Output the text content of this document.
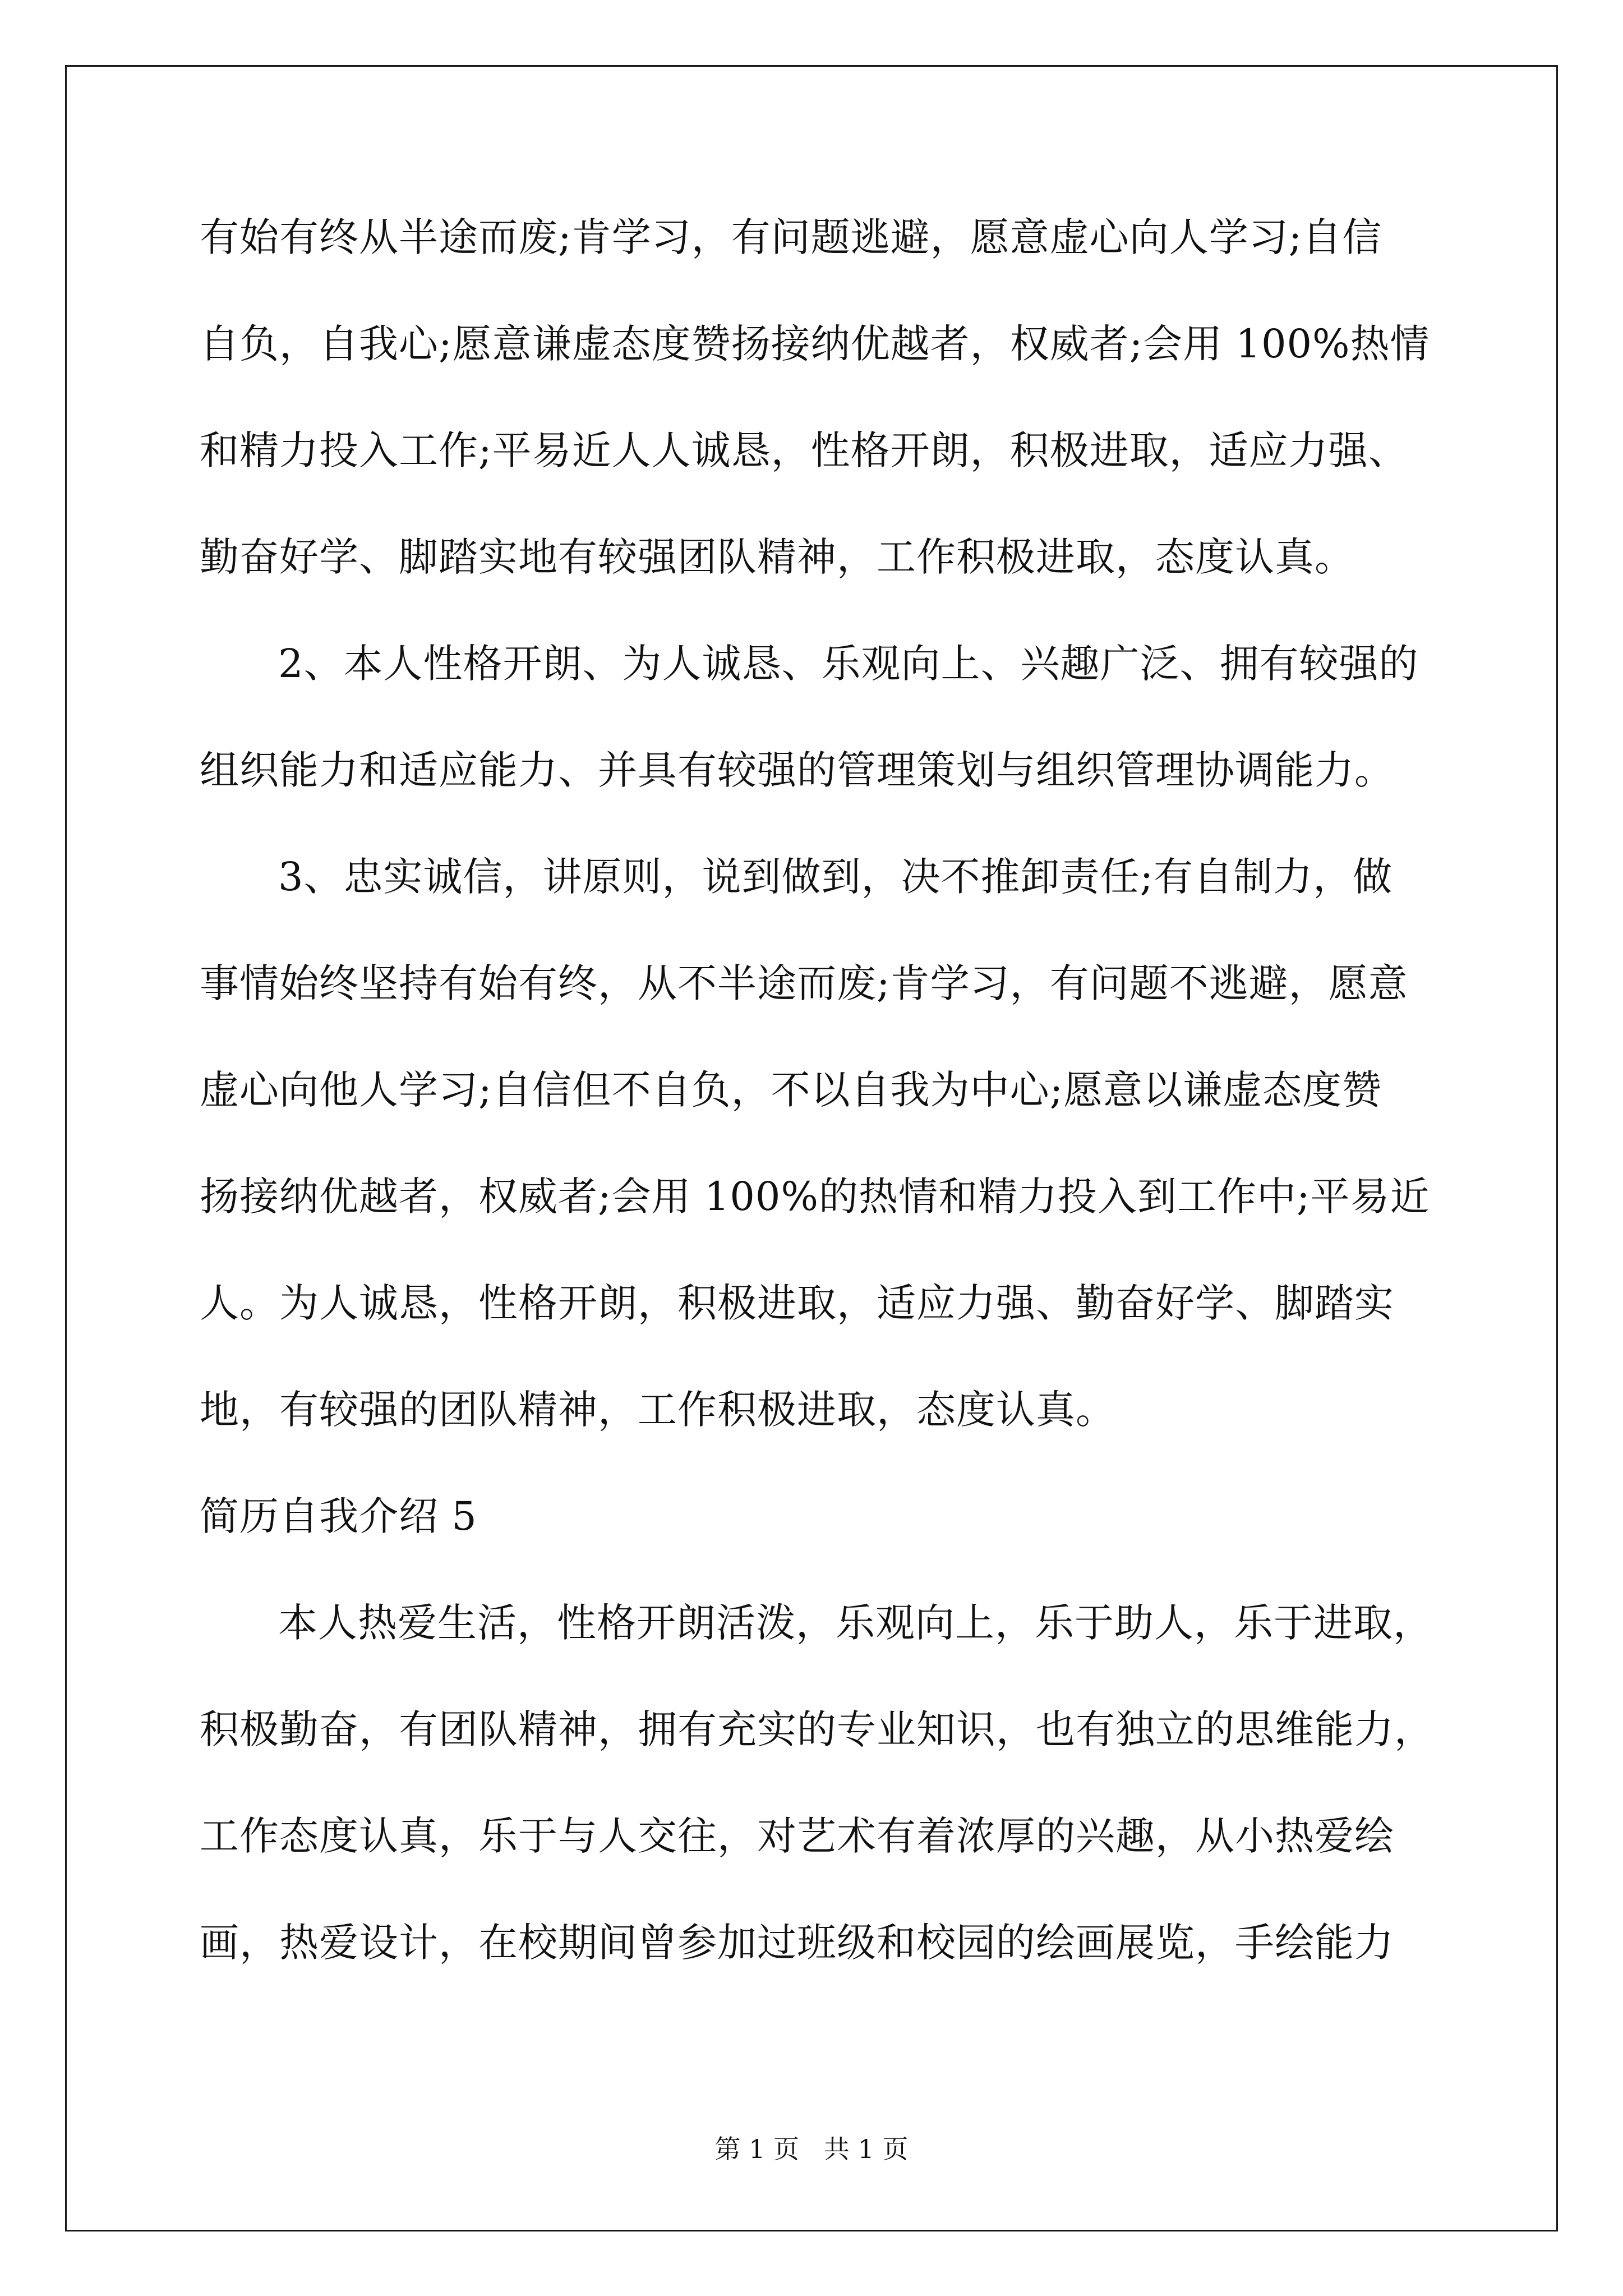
有始有终从半途而废;肯学习，有问题逃避，愿意虚心向人学习;自信
自负，自我心;愿意谦虚态度赞扬接纳优越者，权威者;会用 100%热情
和精力投入工作;平易近人人诚恳，性格开朗，积极进取，适应力强、
勤奋好学、脚踏实地有较强团队精神，工作积极进取，态度认真。
2、本人性格开朗、为人诚恳、乐观向上、兴趣广泛、拥有较强的
组织能力和适应能力、并具有较强的管理策划与组织管理协调能力。
3、忠实诚信，讲原则，说到做到，决不推卸责任;有自制力，做
事情始终坚持有始有终，从不半途而废;肯学习，有问题不逃避，愿意
虚心向他人学习;自信但不自负，不以自我为中心;愿意以谦虚态度赞
扬接纳优越者，权威者;会用 100%的热情和精力投入到工作中;平易近
人。为人诚恳，性格开朗，积极进取，适应力强、勤奋好学、脚踏实
地，有较强的团队精神，工作积极进取，态度认真。
简历自我介绍 5
本人热爱生活，性格开朗活泼，乐观向上，乐于助人，乐于进取，
积极勤奋，有团队精神，拥有充实的专业知识，也有独立的思维能力，
工作态度认真，乐于与人交往，对艺术有着浓厚的兴趣，从小热爱绘
画，热爱设计，在校期间曾参加过班级和校园的绘画展览，手绘能力
第 1 页   共 1 页
